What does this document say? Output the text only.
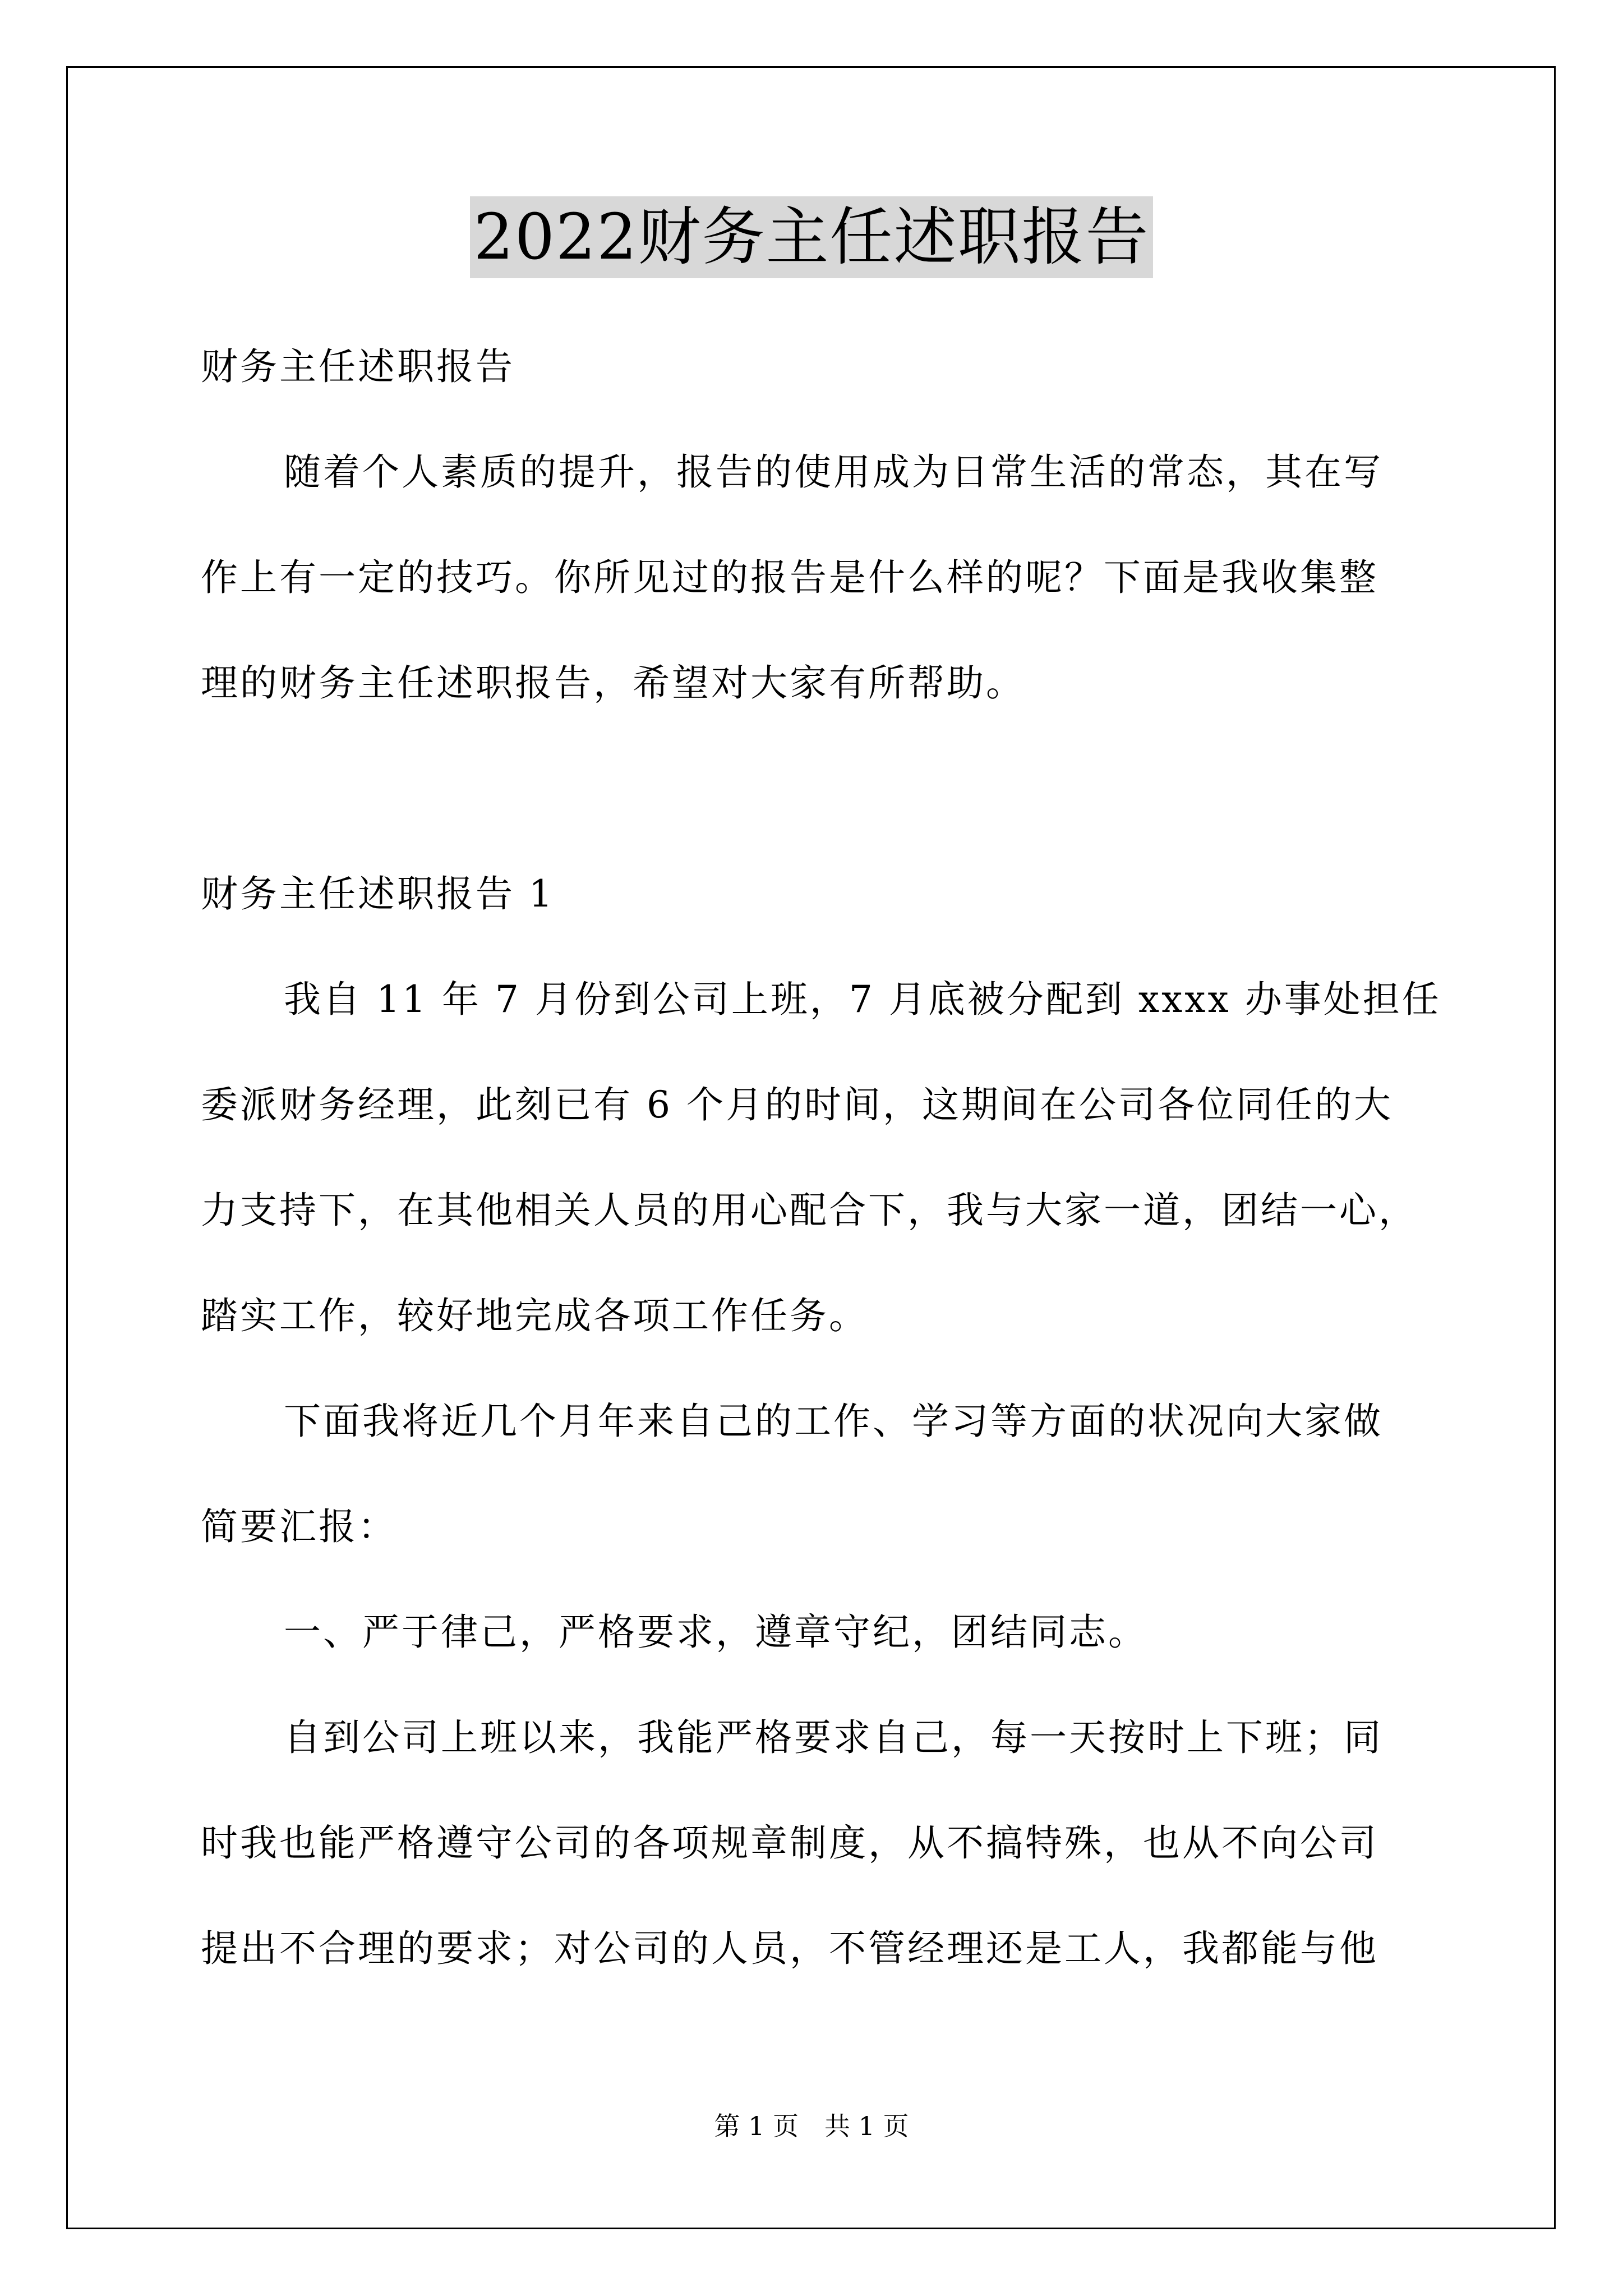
2022财务主任述职报告
财务主任述职报告
随着个人素质的提升，报告的使用成为日常生活的常态，其在写
作上有一定的技巧。你所见过的报告是什么样的呢？下面是我收集整
理的财务主任述职报告，希望对大家有所帮助。
财务主任述职报告 1
我自 11 年 7 月份到公司上班，7 月底被分配到 xxxx 办事处担任
委派财务经理，此刻已有 6 个月的时间，这期间在公司各位同任的大
力支持下，在其他相关人员的用心配合下，我与大家一道，团结一心，
踏实工作，较好地完成各项工作任务。
下面我将近几个月年来自己的工作、学习等方面的状况向大家做
简要汇报：
一、严于律己，严格要求，遵章守纪，团结同志。
自到公司上班以来，我能严格要求自己，每一天按时上下班；同
时我也能严格遵守公司的各项规章制度，从不搞特殊，也从不向公司
提出不合理的要求；对公司的人员，不管经理还是工人，我都能与他
第 1 页　共 1 页
